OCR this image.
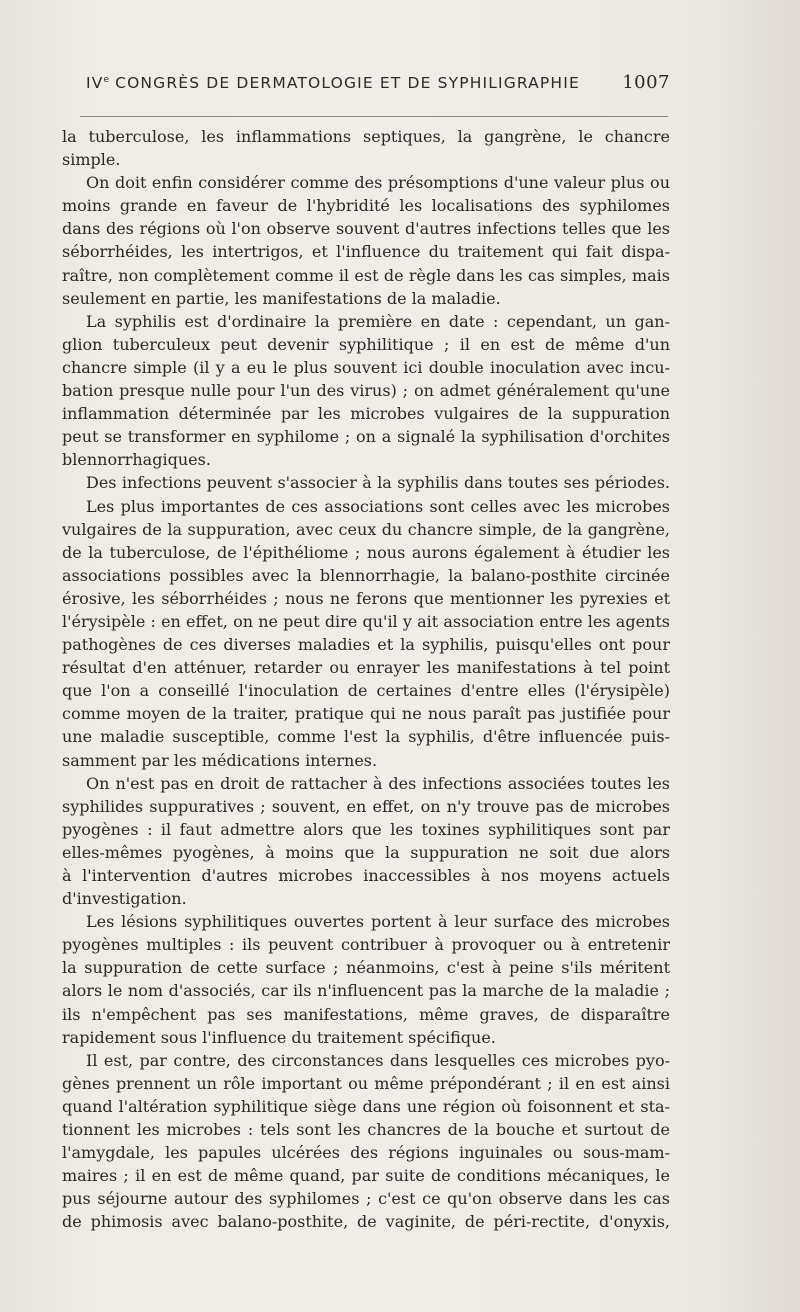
IVe CONGRÈS DE DERMATOLOGIE ET DE SYPHILIGRAPHIE 1007
la tuberculose, les inflammations septiques, la gangrène, le chancre
simple.
On doit enfin considérer comme des présomptions d'une valeur plus ou
moins grande en faveur de l'hybridité les localisations des syphilomes
dans des régions où l'on observe souvent d'autres infections telles que les
séborrhéides, les intertrigos, et l'influence du traitement qui fait dispa-
raître, non complètement comme il est de règle dans les cas simples, mais
seulement en partie, les manifestations de la maladie.
La syphilis est d'ordinaire la première en date : cependant, un gan-
glion tuberculeux peut devenir syphilitique ; il en est de même d'un
chancre simple (il y a eu le plus souvent ici double inoculation avec incu-
bation presque nulle pour l'un des virus) ; on admet généralement qu'une
inflammation déterminée par les microbes vulgaires de la suppuration
peut se transformer en syphilome ; on a signalé la syphilisation d'orchites
blennorrhagiques.
Des infections peuvent s'associer à la syphilis dans toutes ses périodes.
Les plus importantes de ces associations sont celles avec les microbes
vulgaires de la suppuration, avec ceux du chancre simple, de la gangrène,
de la tuberculose, de l'épithéliome ; nous aurons également à étudier les
associations possibles avec la blennorrhagie, la balano-posthite circinée
érosive, les séborrhéides ; nous ne ferons que mentionner les pyrexies et
l'érysipèle : en effet, on ne peut dire qu'il y ait association entre les agents
pathogènes de ces diverses maladies et la syphilis, puisqu'elles ont pour
résultat d'en atténuer, retarder ou enrayer les manifestations à tel point
que l'on a conseillé l'inoculation de certaines d'entre elles (l'érysipèle)
comme moyen de la traiter, pratique qui ne nous paraît pas justifiée pour
une maladie susceptible, comme l'est la syphilis, d'être influencée puis-
samment par les médications internes.
On n'est pas en droit de rattacher à des infections associées toutes les
syphilides suppuratives ; souvent, en effet, on n'y trouve pas de microbes
pyogènes : il faut admettre alors que les toxines syphilitiques sont par
elles-mêmes pyogènes, à moins que la suppuration ne soit due alors
à l'intervention d'autres microbes inaccessibles à nos moyens actuels
d'investigation.
Les lésions syphilitiques ouvertes portent à leur surface des microbes
pyogènes multiples : ils peuvent contribuer à provoquer ou à entretenir
la suppuration de cette surface ; néanmoins, c'est à peine s'ils méritent
alors le nom d'associés, car ils n'influencent pas la marche de la maladie ;
ils n'empêchent pas ses manifestations, même graves, de disparaître
rapidement sous l'influence du traitement spécifique.
Il est, par contre, des circonstances dans lesquelles ces microbes pyo-
gènes prennent un rôle important ou même prépondérant ; il en est ainsi
quand l'altération syphilitique siège dans une région où foisonnent et sta-
tionnent les microbes : tels sont les chancres de la bouche et surtout de
l'amygdale, les papules ulcérées des régions inguinales ou sous-mam-
maires ; il en est de même quand, par suite de conditions mécaniques, le
pus séjourne autour des syphilomes ; c'est ce qu'on observe dans les cas
de phimosis avec balano-posthite, de vaginite, de péri-rectite, d'onyxis,
